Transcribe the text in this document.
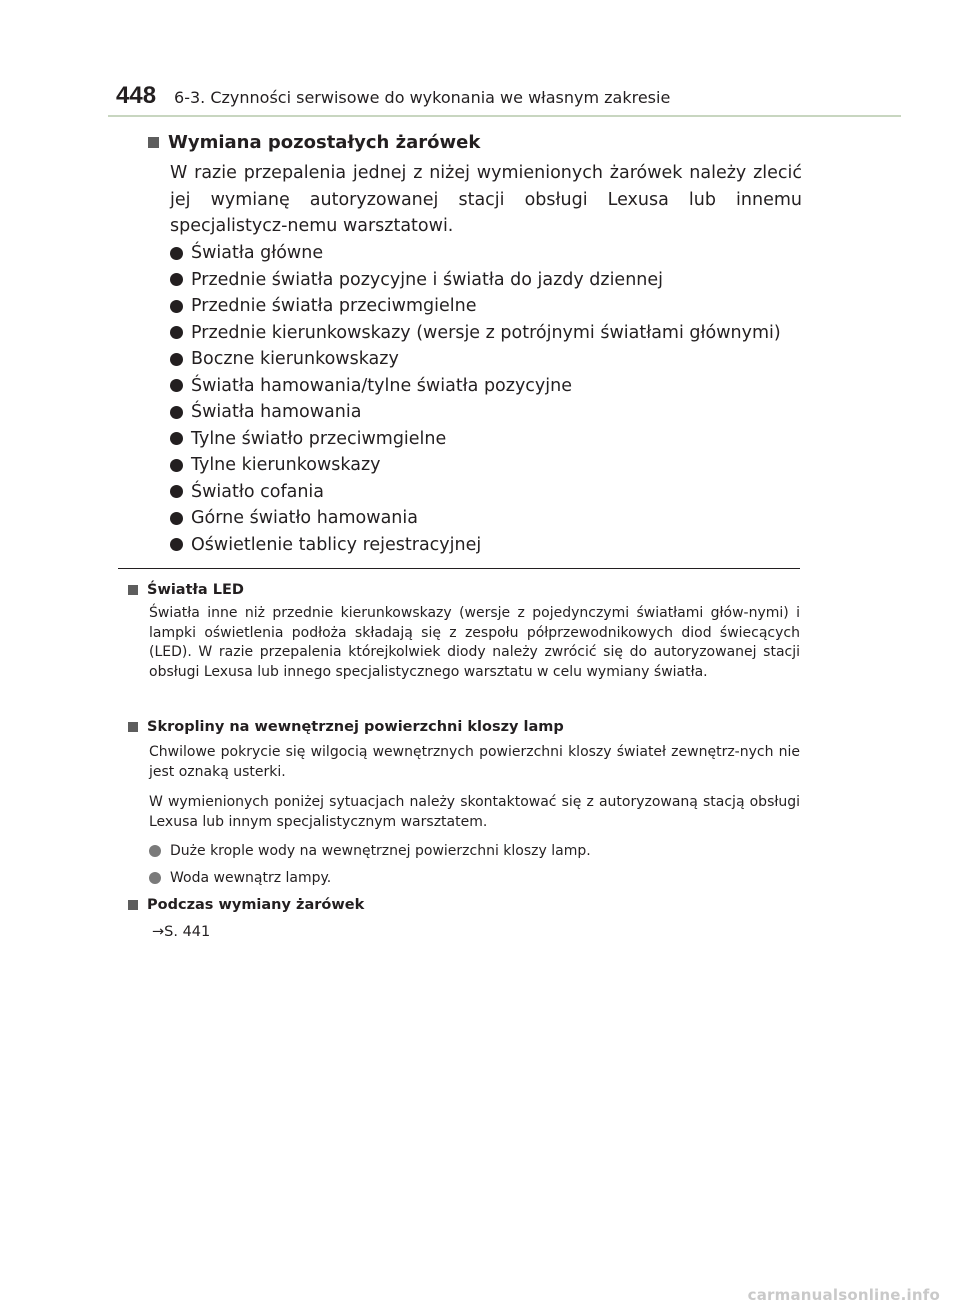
448 6-3. Czynności serwisowe do wykonania we własnym zakresie
Wymiana pozostałych żarówek
W razie przepalenia jednej z niżej wymienionych żarówek należy zlecić jej wymianę autoryzowanej stacji obsługi Lexusa lub innemu specjalistycz-nemu warsztatowi.
Światła główne
Przednie światła pozycyjne i światła do jazdy dziennej
Przednie światła przeciwmgielne
Przednie kierunkowskazy (wersje z potrójnymi światłami głównymi)
Boczne kierunkowskazy
Światła hamowania/tylne światła pozycyjne
Światła hamowania
Tylne światło przeciwmgielne
Tylne kierunkowskazy
Światło cofania
Górne światło hamowania
Oświetlenie tablicy rejestracyjnej
Światła LED
Światła inne niż przednie kierunkowskazy (wersje z pojedynczymi światłami głów-nymi) i lampki oświetlenia podłoża składają się z zespołu półprzewodnikowych diod świecących (LED). W razie przepalenia którejkolwiek diody należy zwrócić się do autoryzowanej stacji obsługi Lexusa lub innego specjalistycznego warsztatu w celu wymiany światła.
Skropliny na wewnętrznej powierzchni kloszy lamp
Chwilowe pokrycie się wilgocią wewnętrznych powierzchni kloszy świateł zewnętrz-nych nie jest oznaką usterki.
W wymienionych poniżej sytuacjach należy skontaktować się z autoryzowaną stacją obsługi Lexusa lub innym specjalistycznym warsztatem.
Duże krople wody na wewnętrznej powierzchni kloszy lamp.
Woda wewnątrz lampy.
Podczas wymiany żarówek
→S. 441
carmanualsonline.info
